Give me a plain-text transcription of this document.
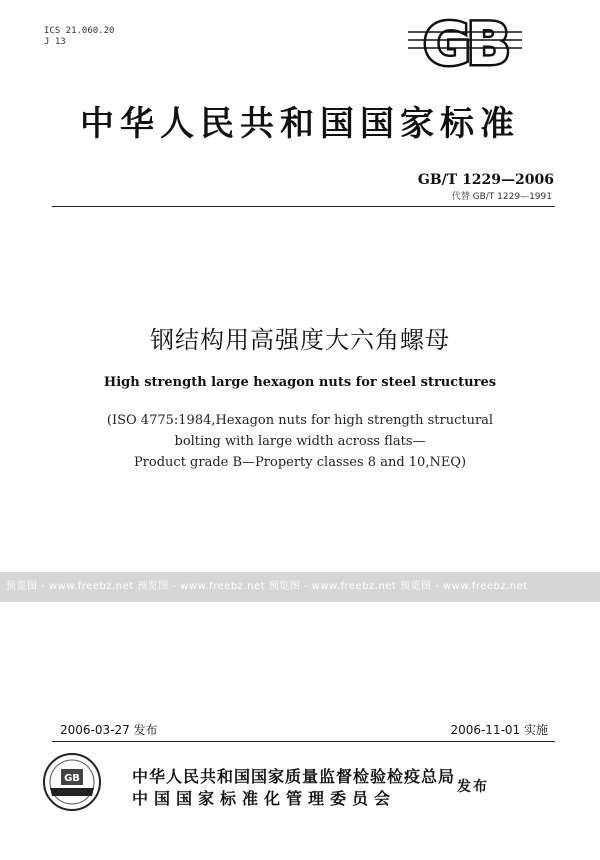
ICS 21.060.20
J 13	GB
中华人民共和国国家标准
GB/T 1229—2006
代替 GB/T 1229—1991
钢结构用高强度大六角螺母
High strength large hexagon nuts for steel structures
(ISO 4775:1984,Hexagon nuts for high strength structural
bolting with large width across flats—
Product grade B—Property classes 8 and 10,NEQ)
预览图 - www.freebz.net 预览图 - www.freebz.net 预览图 - www.freebz.net 预览图 - www.freebz.net
2006-03-27 发布	2006-11-01 实施
GB	中华人民共和国国家质量监督检验检疫总局
中国国家标准化管理委员会
发布
